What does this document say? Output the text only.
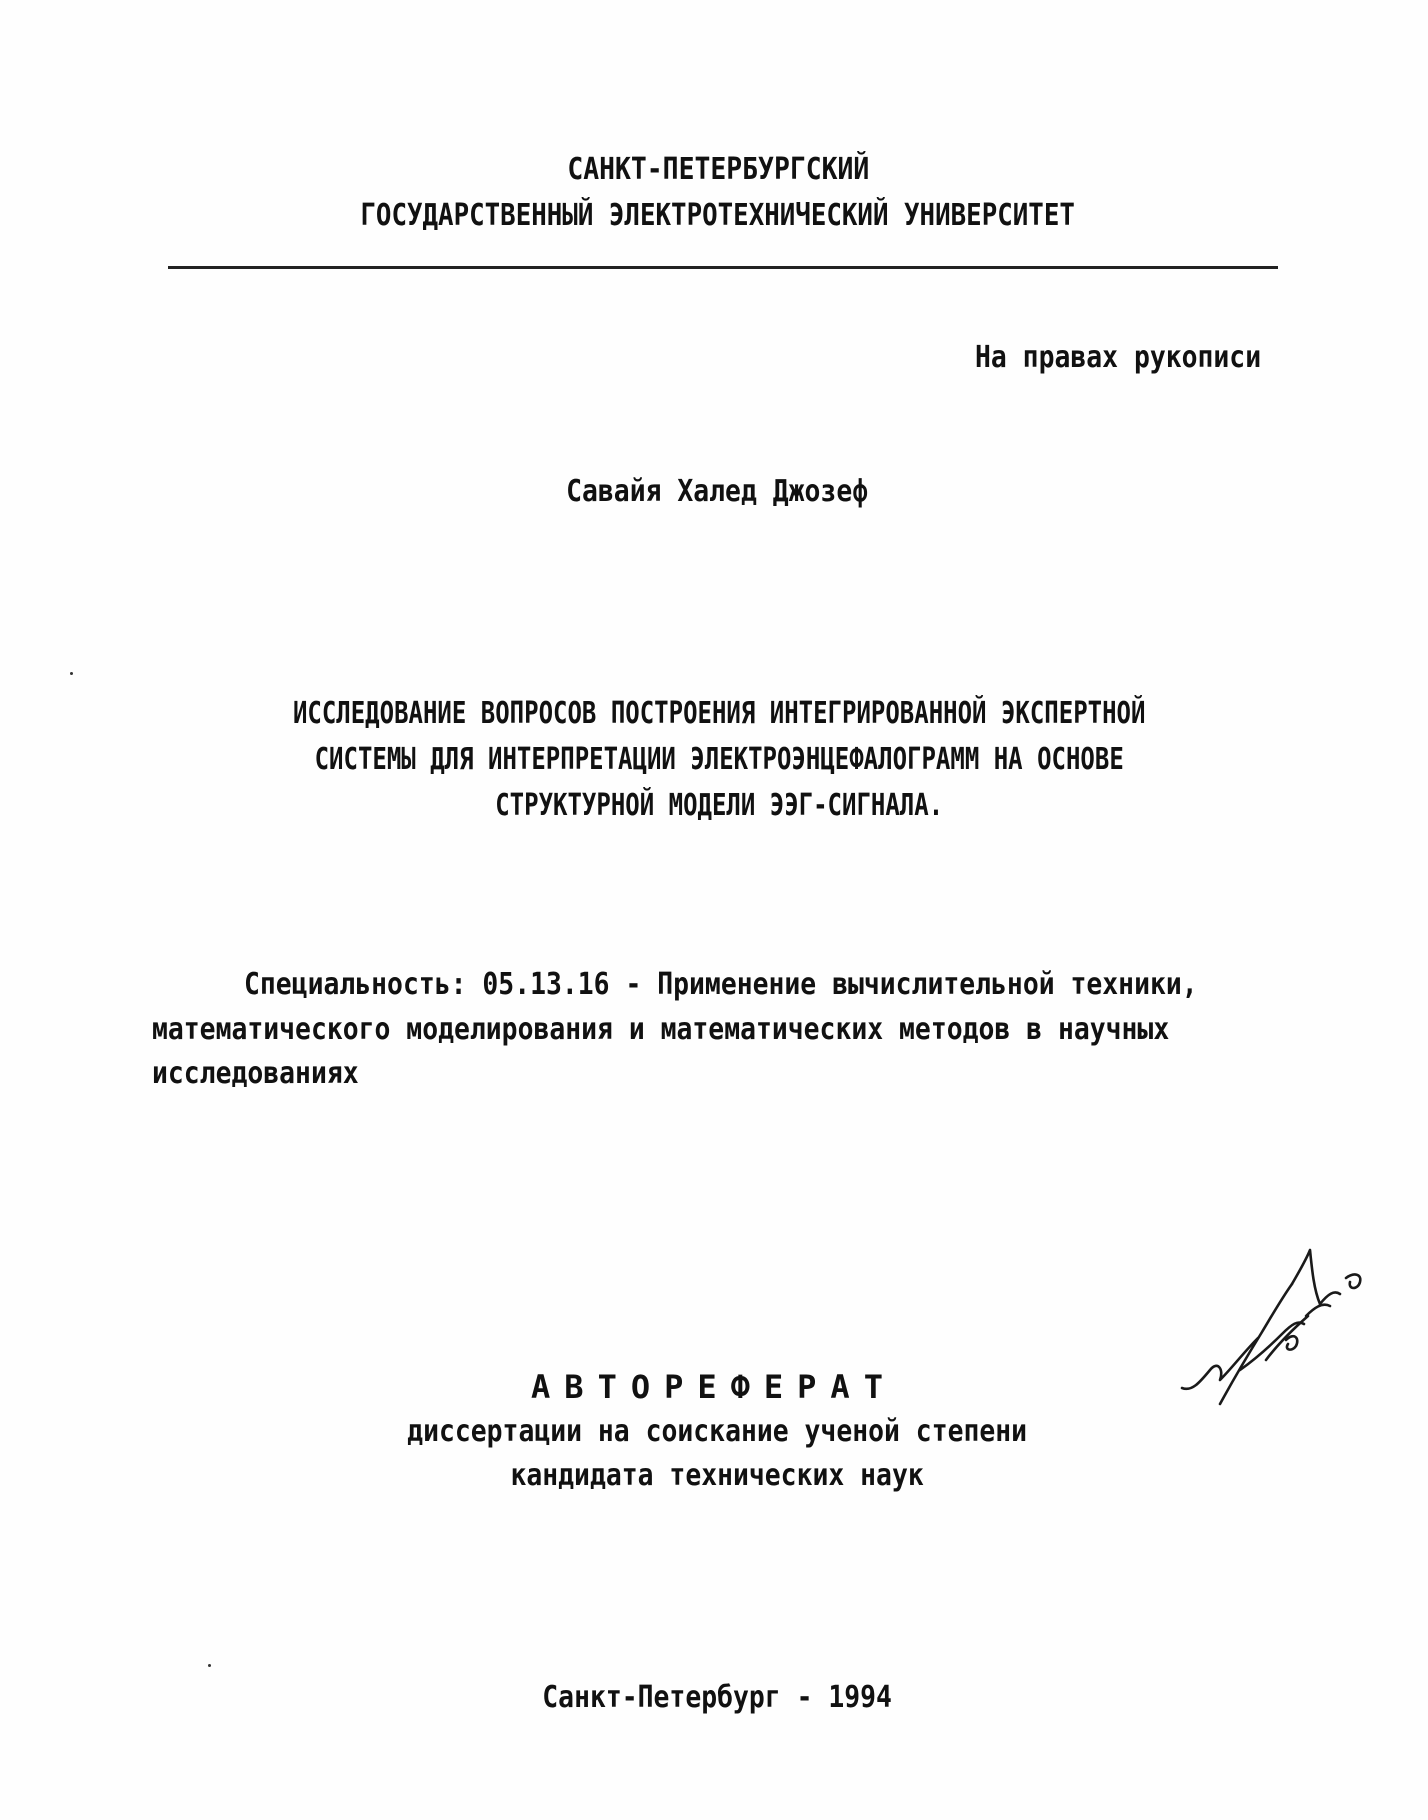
САНКТ-ПЕТЕРБУРГСКИЙ
ГОСУДАРСТВЕННЫЙ ЭЛЕКТРОТЕХНИЧЕСКИЙ УНИВЕРСИТЕТ
На правах рукописи
Савайя Халед Джозеф
ИССЛЕДОВАНИЕ ВОПРОСОВ ПОСТРОЕНИЯ ИНТЕГРИРОВАННОЙ ЭКСПЕРТНОЙ
СИСТЕМЫ ДЛЯ ИНТЕРПРЕТАЦИИ ЭЛЕКТРОЭНЦЕФАЛОГРАММ НА ОСНОВЕ
СТРУКТУРНОЙ МОДЕЛИ ЭЭГ-СИГНАЛА.
Специальность: 05.13.16 - Применение вычислительной техники,
математического моделирования и математических методов в научных
исследованиях
АВТОРЕФЕРАТ
диссертации на соискание ученой степени
кандидата технических наук
Санкт-Петербург - 1994
